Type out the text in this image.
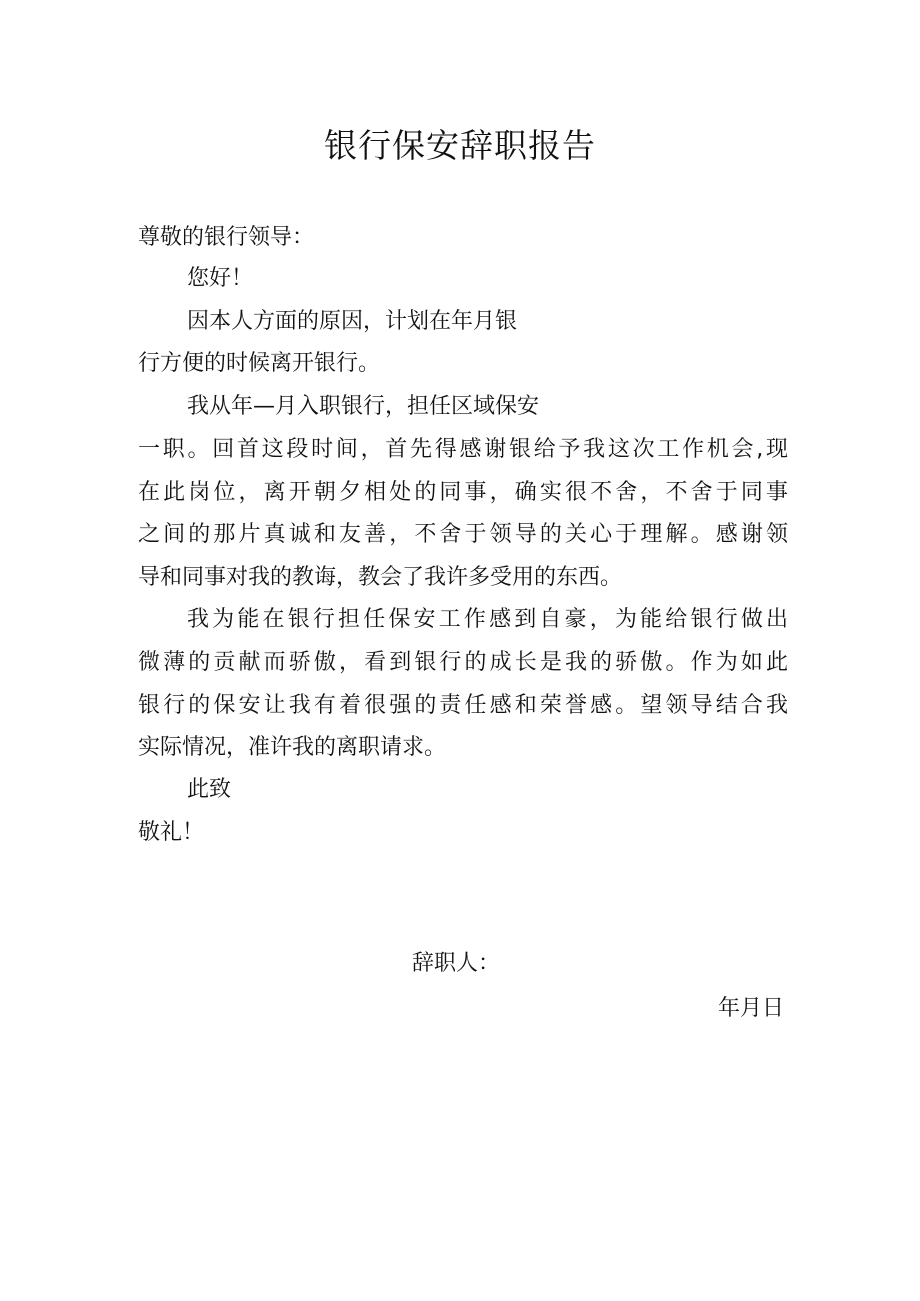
银行保安辞职报告
尊敬的银行领导：
您好！
因本人方面的原因，计划在年月银
行方便的时候离开银行。
我从年—月入职银行，担任区域保安
一职。回首这段时间，首先得感谢银给予我这次工作机会,现
在此岗位，离开朝夕相处的同事，确实很不舍，不舍于同事
之间的那片真诚和友善，不舍于领导的关心于理解。感谢领
导和同事对我的教诲，教会了我许多受用的东西。
我为能在银行担任保安工作感到自豪，为能给银行做出
微薄的贡献而骄傲，看到银行的成长是我的骄傲。作为如此
银行的保安让我有着很强的责任感和荣誉感。望领导结合我
实际情况，准许我的离职请求。
此致
敬礼！
辞职人：
年月日
